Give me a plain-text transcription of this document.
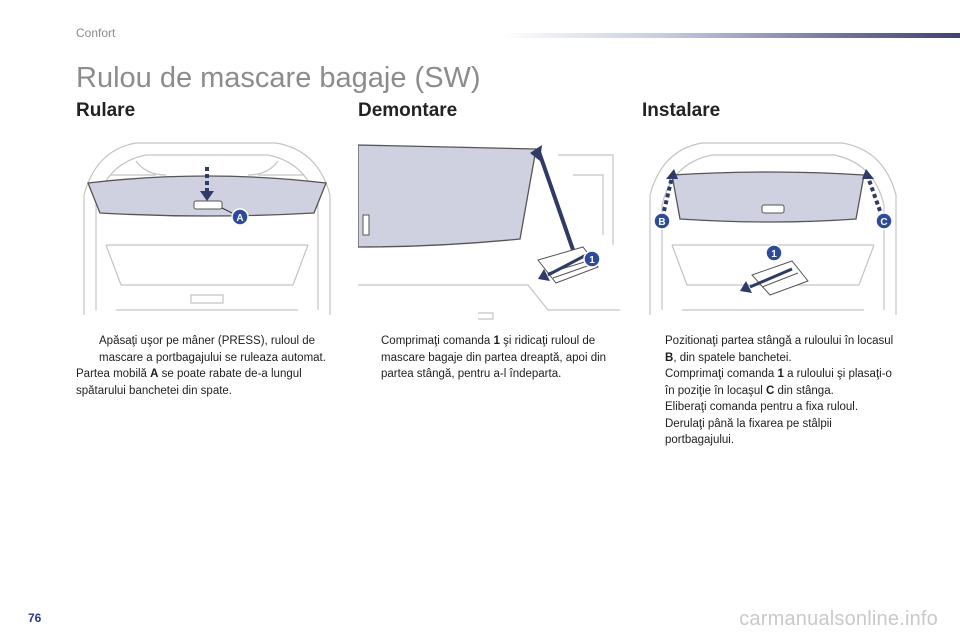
Confort
Rulou de mascare bagaje (SW)
Rulare	Demontare	Instalare
A
1
B	C
1
Apăsaţi uşor pe mâner (PRESS), ruloul de mascare a portbagajului se ruleaza automat.

Partea mobilă A se poate rabate de-a lungul spătarului banchetei din spate.

Comprimaţi comanda 1 şi ridicaţi ruloul de mascare bagaje din partea dreaptă, apoi din partea stângă, pentru a-l îndeparta.
Pozitionaţi partea stângă a ruloului în locasul B, din spatele banchetei.
Comprimaţi comanda 1 a ruloului şi plasaţi-o în poziţie în locaşul C din stânga.
Eliberaţi comanda pentru a fixa ruloul.
Derulaţi până la fixarea pe stâlpii portbagajului.
76	carmanualsonline.info
